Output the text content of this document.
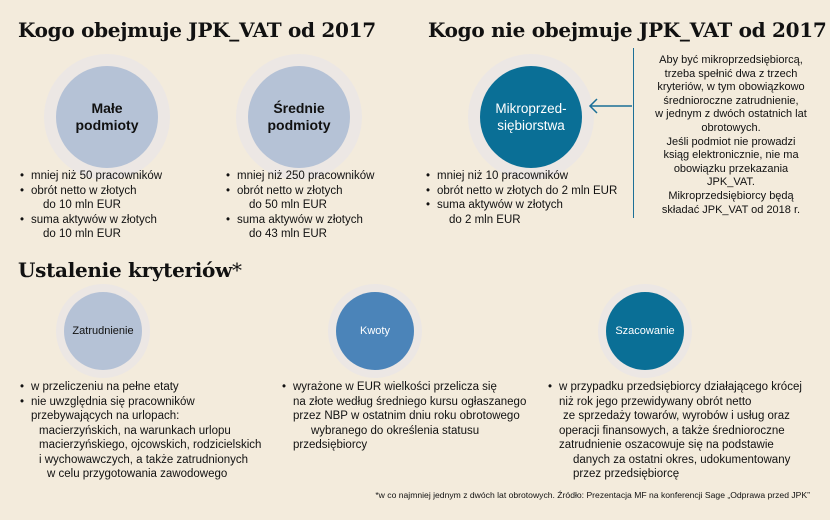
Kogo obejmuje JPK_VAT od 2017
Małe
podmioty
• mniej niż 50 pracowników
• obrót netto w złotych
do 10 mln EUR
• suma aktywów w złotych
do 10 mln EUR
Średnie
podmioty
• mniej niż 250 pracowników
• obrót netto w złotych
do 50 mln EUR
• suma aktywów w złotych
do 43 mln EUR
Kogo nie obejmuje JPK_VAT od 2017
Mikroprzed-
siębiorstwa
• mniej niż 10 pracowników
• obrót netto w złotych do 2 mln EUR
• suma aktywów w złotych
do 2 mln EUR
Aby być mikroprzedsiębiorcą,
trzeba spełnić dwa z trzech
kryteriów, w tym obowiązkowo
średnioroczne zatrudnienie,
w jednym z dwóch ostatnich lat
obrotowych.
Jeśli podmiot nie prowadzi
ksiąg elektronicznie, nie ma
obowiązku przekazania
JPK_VAT.
Mikroprzedsiębiorcy będą
składać JPK_VAT od 2018 r.
Ustalenie kryteriów*
Zatrudnienie
• w przeliczeniu na pełne etaty
• nie uwzględnia się pracowników
przebywających na urlopach:
macierzyńskich, na warunkach urlopu
macierzyńskiego, ojcowskich, rodzicielskich
i wychowawczych, a także zatrudnionych
w celu przygotowania zawodowego
Kwoty
• wyrażone w EUR wielkości przelicza się
na złote według średniego kursu ogłaszanego
przez NBP w ostatnim dniu roku obrotowego
wybranego do określenia statusu
przedsiębiorcy
Szacowanie
• w przypadku przedsiębiorcy działającego krócej
niż rok jego przewidywany obrót netto
ze sprzedaży towarów, wyrobów i usług oraz
operacji finansowych, a także średnioroczne
zatrudnienie oszacowuje się na podstawie
danych za ostatni okres, udokumentowany
przez przedsiębiorcę
*w co najmniej jednym z dwóch lat obrotowych. Źródło: Prezentacja MF na konferencji Sage „Odprawa przed JPK”
